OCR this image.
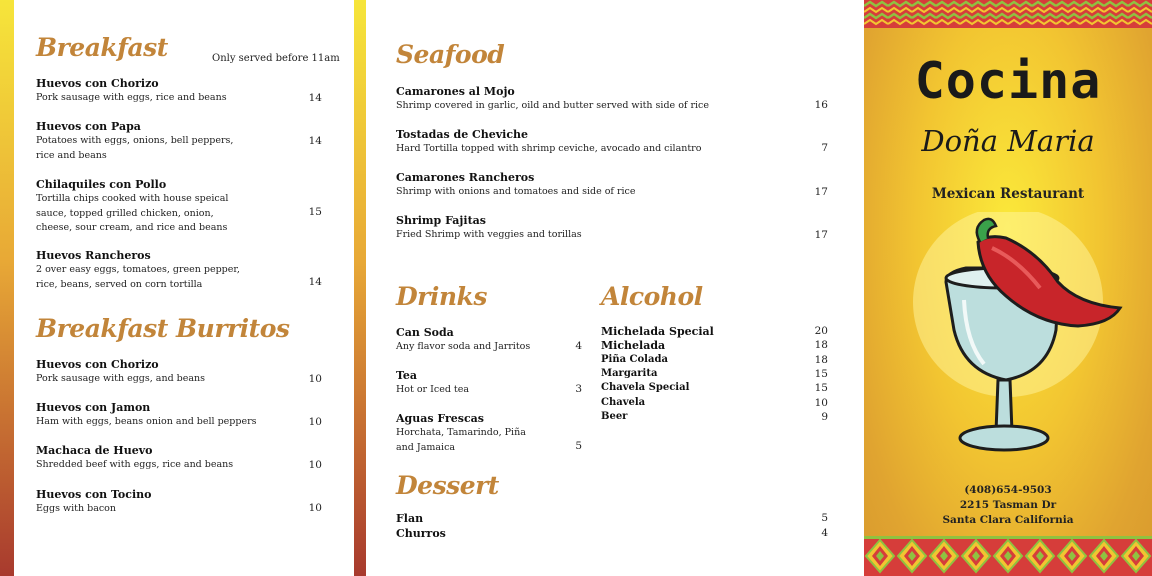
Breakfast	Only served before 11am
Huevos con Chorizo
Pork sausage with eggs, rice and beans	14
Huevos con Papa
Potatoes with eggs, onions, bell peppers,
rice and beans
14
Chilaquiles con Pollo
Tortilla chips cooked with house speical
sauce, topped grilled chicken, onion,
cheese, sour cream, and rice and beans
15
Huevos Rancheros
2 over easy eggs, tomatoes, green pepper,
rice, beans, served on corn tortilla	14
Breakfast Burritos
Huevos con Chorizo
Pork sausage with eggs, and beans	10
Huevos con Jamon
Ham with eggs, beans onion and bell peppers	10
Machaca de Huevo
Shredded beef with eggs, rice and beans	10
Huevos con Tocino
Eggs with bacon	10
Seafood
Camarones al Mojo
Shrimp covered in garlic, oild and butter served with side of rice	16
Tostadas de Cheviche
Hard Tortilla topped with shrimp ceviche, avocado and cilantro	7
Camarones Rancheros
Shrimp with onions and tomatoes and side of rice	17
Shrimp Fajitas
Fried Shrimp with veggies and torillas	17
Drinks
Can Soda
Any flavor soda and Jarritos	4
Tea
Hot or Iced tea	3
Aguas Frescas
Horchata, Tamarindo, Piña
and Jamaica	5
Alcohol
Michelada Special	20
Michelada	18
Piña Colada	18
Margarita	15
Chavela Special	15
Chavela	10
Beer	9
Dessert
Flan	5
Churros	4
Cocina
Doña Maria
Mexican Restaurant
(408)654-9503
2215 Tasman Dr
Santa Clara California
